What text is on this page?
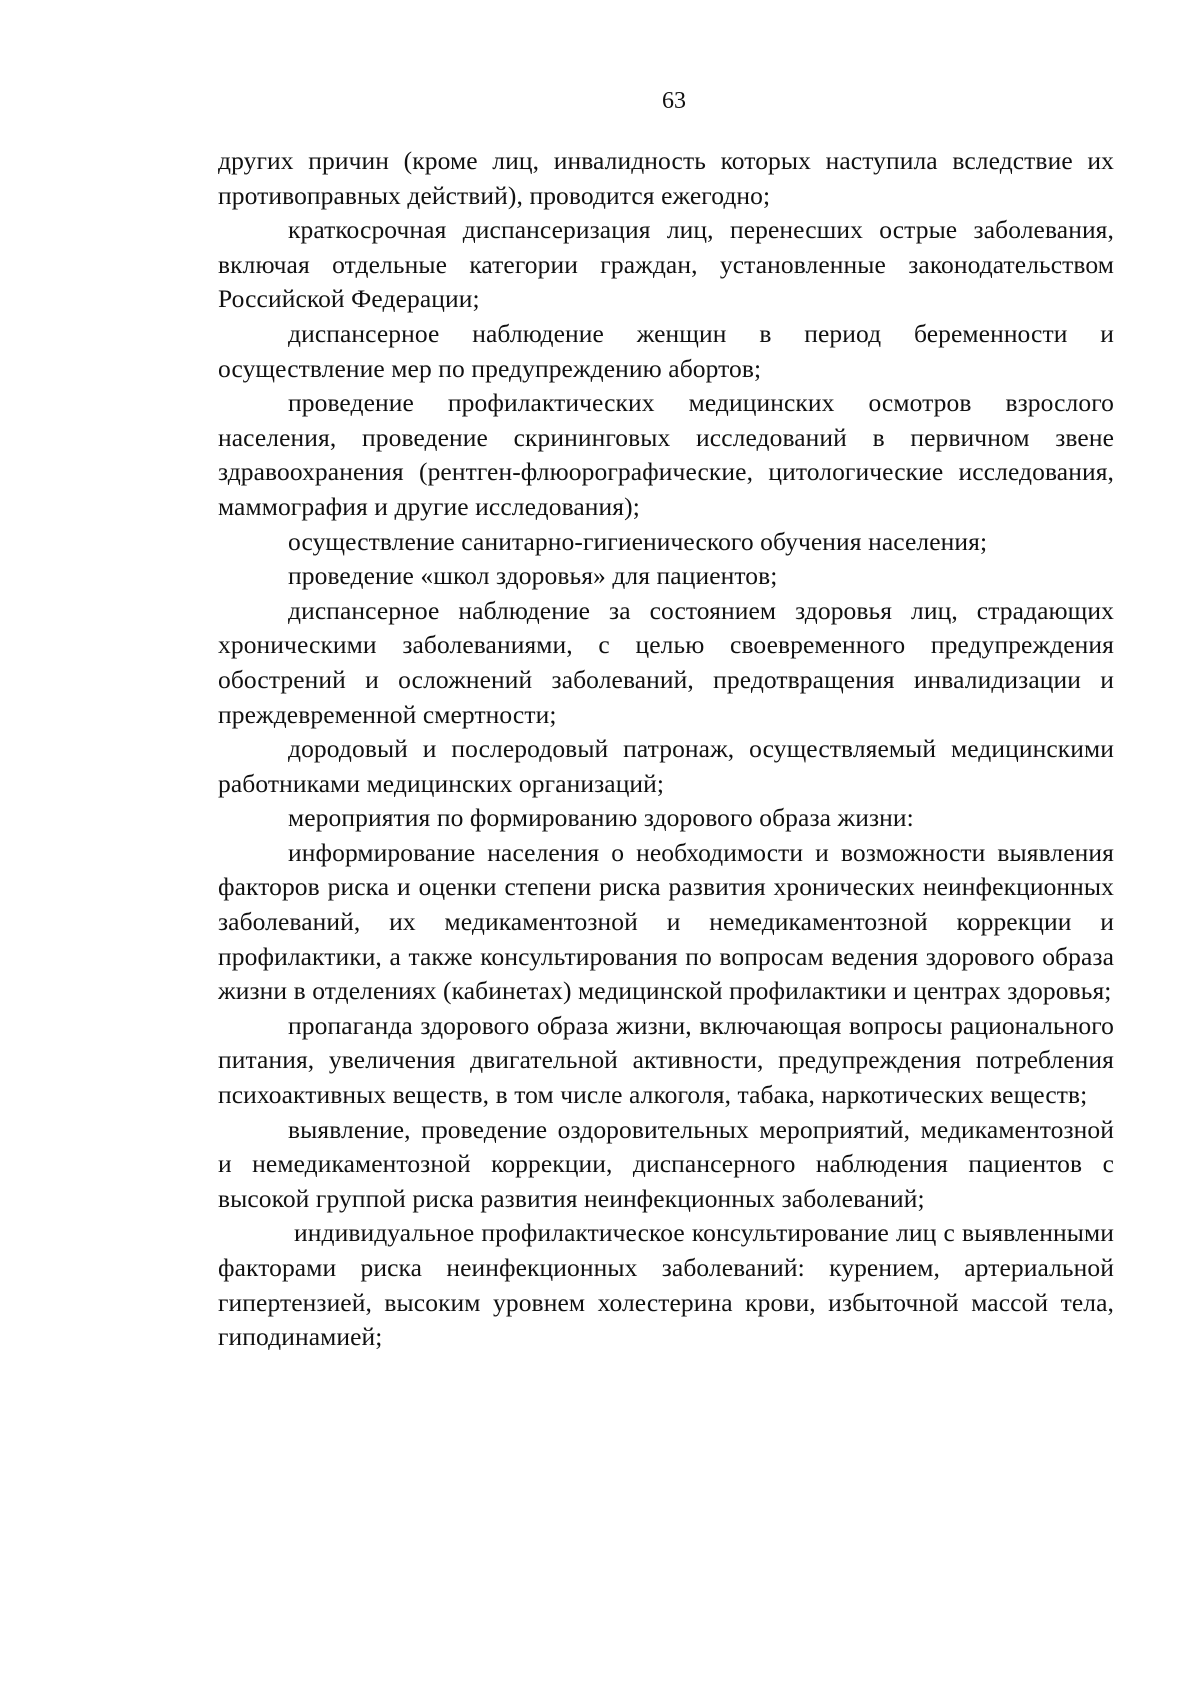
63

других причин (кроме лиц, инвалидность которых наступила вследствие их противоправных действий), проводится ежегодно;

краткосрочная диспансеризация лиц, перенесших острые заболевания, включая отдельные категории граждан, установленные законодательством Российской Федерации;

диспансерное наблюдение женщин в период беременности и осуществление мер по предупреждению абортов;

проведение профилактических медицинских осмотров взрослого населения, проведение скрининговых исследований в первичном звене здравоохранения (рентген-флюорографические, цитологические исследования, маммография и другие исследования);

осуществление санитарно-гигиенического обучения населения;

проведение «школ здоровья» для пациентов;

диспансерное наблюдение за состоянием здоровья лиц, страдающих хроническими заболеваниями, с целью своевременного предупреждения обострений и осложнений заболеваний, предотвращения инвалидизации и преждевременной смертности;

дородовый и послеродовый патронаж, осуществляемый медицинскими работниками медицинских организаций;

мероприятия по формированию здорового образа жизни:

информирование населения о необходимости и возможности выявления факторов риска и оценки степени риска развития хронических неинфекционных заболеваний, их медикаментозной и немедикаментозной коррекции и профилактики, а также консультирования по вопросам ведения здорового образа жизни в отделениях (кабинетах) медицинской профилактики и центрах здоровья;

пропаганда здорового образа жизни, включающая вопросы рационального питания, увеличения двигательной активности, предупреждения потребления психоактивных веществ, в том числе алкоголя, табака, наркотических веществ;

выявление, проведение оздоровительных мероприятий, медикаментозной и немедикаментозной коррекции, диспансерного наблюдения пациентов с высокой группой риска развития неинфекционных заболеваний;

индивидуальное профилактическое консультирование лиц с выявленными факторами риска неинфекционных заболеваний: курением, артериальной гипертензией, высоким уровнем холестерина крови, избыточной массой тела, гиподинамией;
